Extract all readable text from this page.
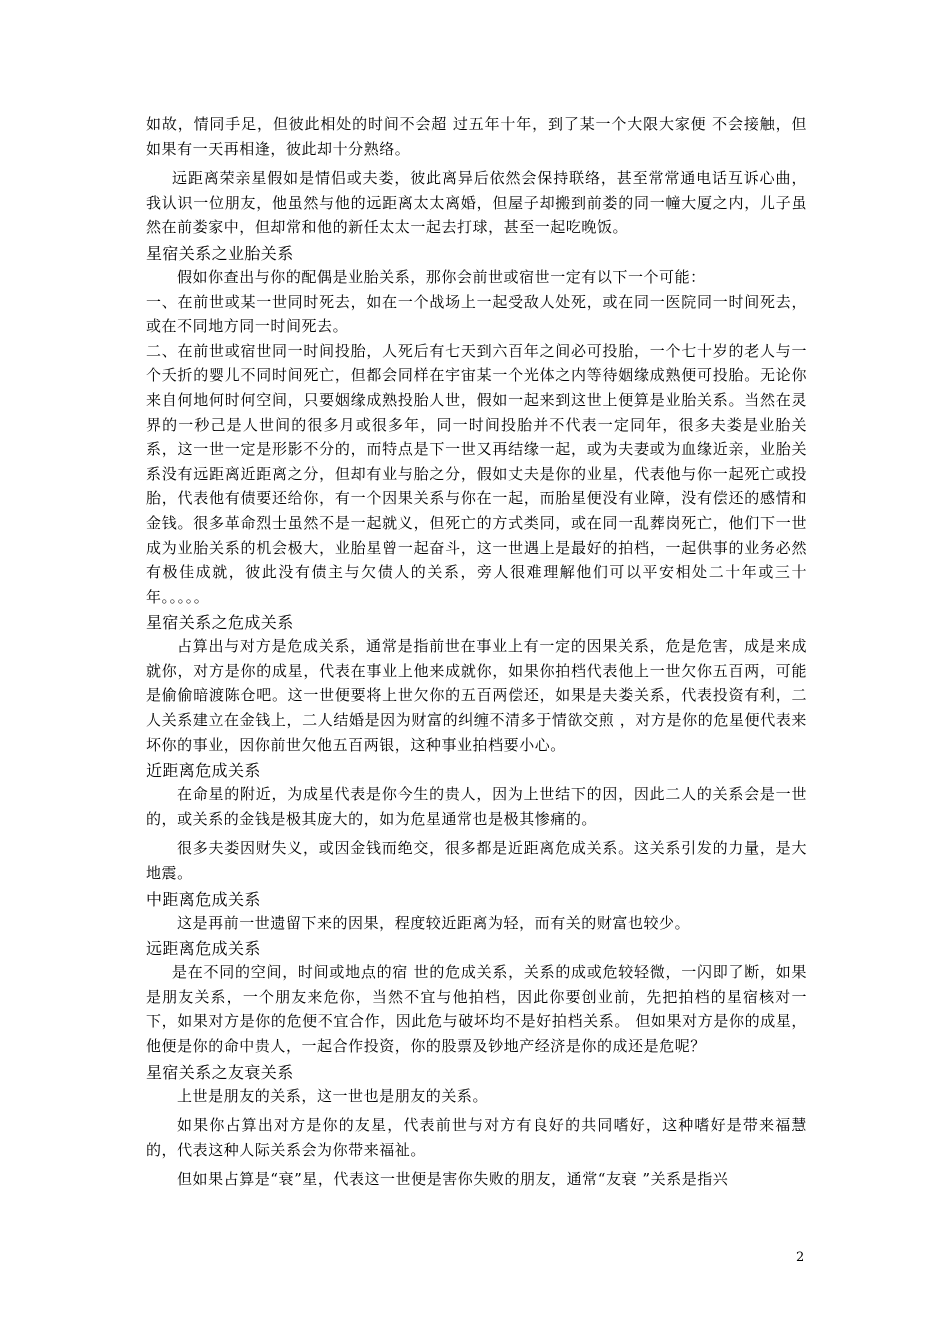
如故，情同手足，但彼此相处的时间不会超 过五年十年，到了某一个大限大家便 不会接触，但如果有一天再相逢，彼此却十分熟络。

远距离荣亲星假如是情侣或夫娄，彼此离异后依然会保持联络，甚至常常通电话互诉心曲，我认识一位朋友，他虽然与他的远距离太太离婚，但屋子却搬到前娄的同一幢大厦之内，儿子虽然在前娄家中，但却常和他的新任太太一起去打球，甚至一起吃晚饭。

星宿关系之业胎关系

假如你查出与你的配偶是业胎关系，那你会前世或宿世一定有以下一个可能：

一、在前世或某一世同时死去，如在一个战场上一起受敌人处死，或在同一医院同一时间死去，或在不同地方同一时间死去。

二、在前世或宿世同一时间投胎，人死后有七天到六百年之间必可投胎，一个七十岁的老人与一个夭折的婴儿不同时间死亡，但都会同样在宇宙某一个光体之内等待姻缘成熟便可投胎。无论你来自何地何时何空间，只要姻缘成熟投胎人世，假如一起来到这世上便算是业胎关系。当然在灵界的一秒己是人世间的很多月或很多年，同一时间投胎并不代表一定同年，很多夫娄是业胎关系，这一世一定是形影不分的，而特点是下一世又再结缘一起，或为夫妻或为血缘近亲，业胎关系没有远距离近距离之分，但却有业与胎之分，假如丈夫是你的业星，代表他与你一起死亡或投胎，代表他有债要还给你，有一个因果关系与你在一起，而胎星便没有业障，没有偿还的感情和金钱。很多革命烈士虽然不是一起就义，但死亡的方式类同，或在同一乱葬岗死亡，他们下一世成为业胎关系的机会极大，业胎星曾一起奋斗，这一世遇上是最好的拍档，一起供事的业务必然有极佳成就，彼此没有债主与欠债人的关系，旁人很难理解他们可以平安相处二十年或三十年。。。。。

星宿关系之危成关系

占算出与对方是危成关系，通常是指前世在事业上有一定的因果关系，危是危害，成是来成就你，对方是你的成星，代表在事业上他来成就你，如果你拍档代表他上一世欠你五百两，可能是偷偷暗渡陈仓吧。这一世便要将上世欠你的五百两偿还，如果是夫娄关系，代表投资有利，二人关系建立在金钱上，二人结婚是因为财富的纠缠不清多于情欲交煎 ，对方是你的危星便代表来坏你的事业，因你前世欠他五百两银，这种事业拍档要小心。

近距离危成关系

在命星的附近，为成星代表是你今生的贵人，因为上世结下的因，因此二人的关系会是一世的，或关系的金钱是极其庞大的，如为危星通常也是极其惨痛的。

很多夫娄因财失义，或因金钱而绝交，很多都是近距离危成关系。这关系引发的力量，是大地震。

中距离危成关系

这是再前一世遗留下来的因果，程度较近距离为轻，而有关的财富也较少。

远距离危成关系

是在不同的空间，时间或地点的宿 世的危成关系，关系的成或危较轻微，一闪即了断，如果是朋友关系，一个朋友来危你，当然不宜与他拍档，因此你要创业前，先把拍档的星宿核对一下，如果对方是你的危便不宜合作，因此危与破坏均不是好拍档关系。 但如果对方是你的成星，他便是你的命中贵人，一起合作投资，你的股票及钞地产经济是你的成还是危呢？

星宿关系之友衰关系

上世是朋友的关系，这一世也是朋友的关系。

如果你占算出对方是你的友星，代表前世与对方有良好的共同嗜好，这种嗜好是带来福慧的，代表这种人际关系会为你带来福祉。

但如果占算是“衰”星，代表这一世便是害你失败的朋友，通常“友衰 ”关系是指兴

2
